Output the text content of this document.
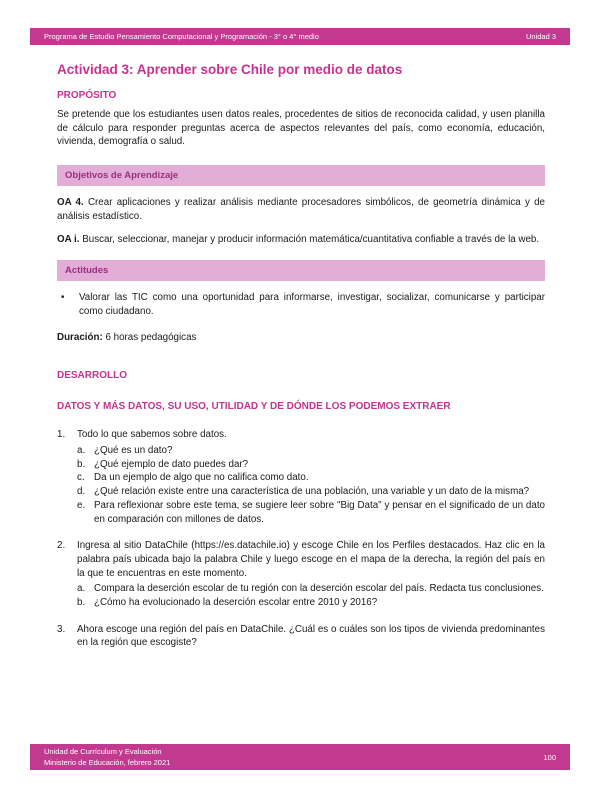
Programa de Estudio Pensamiento Computacional y Programación - 3° o 4° medio	Unidad 3
Actividad 3: Aprender sobre Chile por medio de datos
PROPÓSITO

Se pretende que los estudiantes usen datos reales, procedentes de sitios de reconocida calidad, y usen planilla de cálculo para responder preguntas acerca de aspectos relevantes del país, como economía, educación, vivienda, demografía o salud.

Objetivos de Aprendizaje

OA 4. Crear aplicaciones y realizar análisis mediante procesadores simbólicos, de geometría dinámica y de análisis estadístico.

OA i. Buscar, seleccionar, manejar y producir información matemática/cuantitativa confiable a través de la web.

Actitudes
• Valorar las TIC como una oportunidad para informarse, investigar, socializar, comunicarse y participar como ciudadano.

Duración: 6 horas pedagógicas

DESARROLLO
DATOS Y MÁS DATOS, SU USO, UTILIDAD Y DE DÓNDE LOS PODEMOS EXTRAER
1.	Todo lo que sabemos sobre datos.
a. ¿Qué es un dato?
b. ¿Qué ejemplo de dato puedes dar?
c. Da un ejemplo de algo que no califica como dato.
d. ¿Qué relación existe entre una característica de una población, una variable y un dato de la misma?
e. Para reflexionar sobre este tema, se sugiere leer sobre "Big Data" y pensar en el significado de un dato en comparación con millones de datos.
2.	Ingresa al sitio DataChile (https://es.datachile.io) y escoge Chile en los Perfiles destacados. Haz clic en la palabra país ubicada bajo la palabra Chile y luego escoge en el mapa de la derecha, la región del país en la que te encuentras en este momento.
a. Compara la deserción escolar de tu región con la deserción escolar del país. Redacta tus conclusiones.
b. ¿Cómo ha evolucionado la deserción escolar entre 2010 y 2016?
3.	Ahora escoge una región del país en DataChile. ¿Cuál es o cuáles son los tipos de vivienda predominantes en la región que escogiste?
Unidad de Currículum y Evaluación
Ministerio de Educación, febrero 2021
100
